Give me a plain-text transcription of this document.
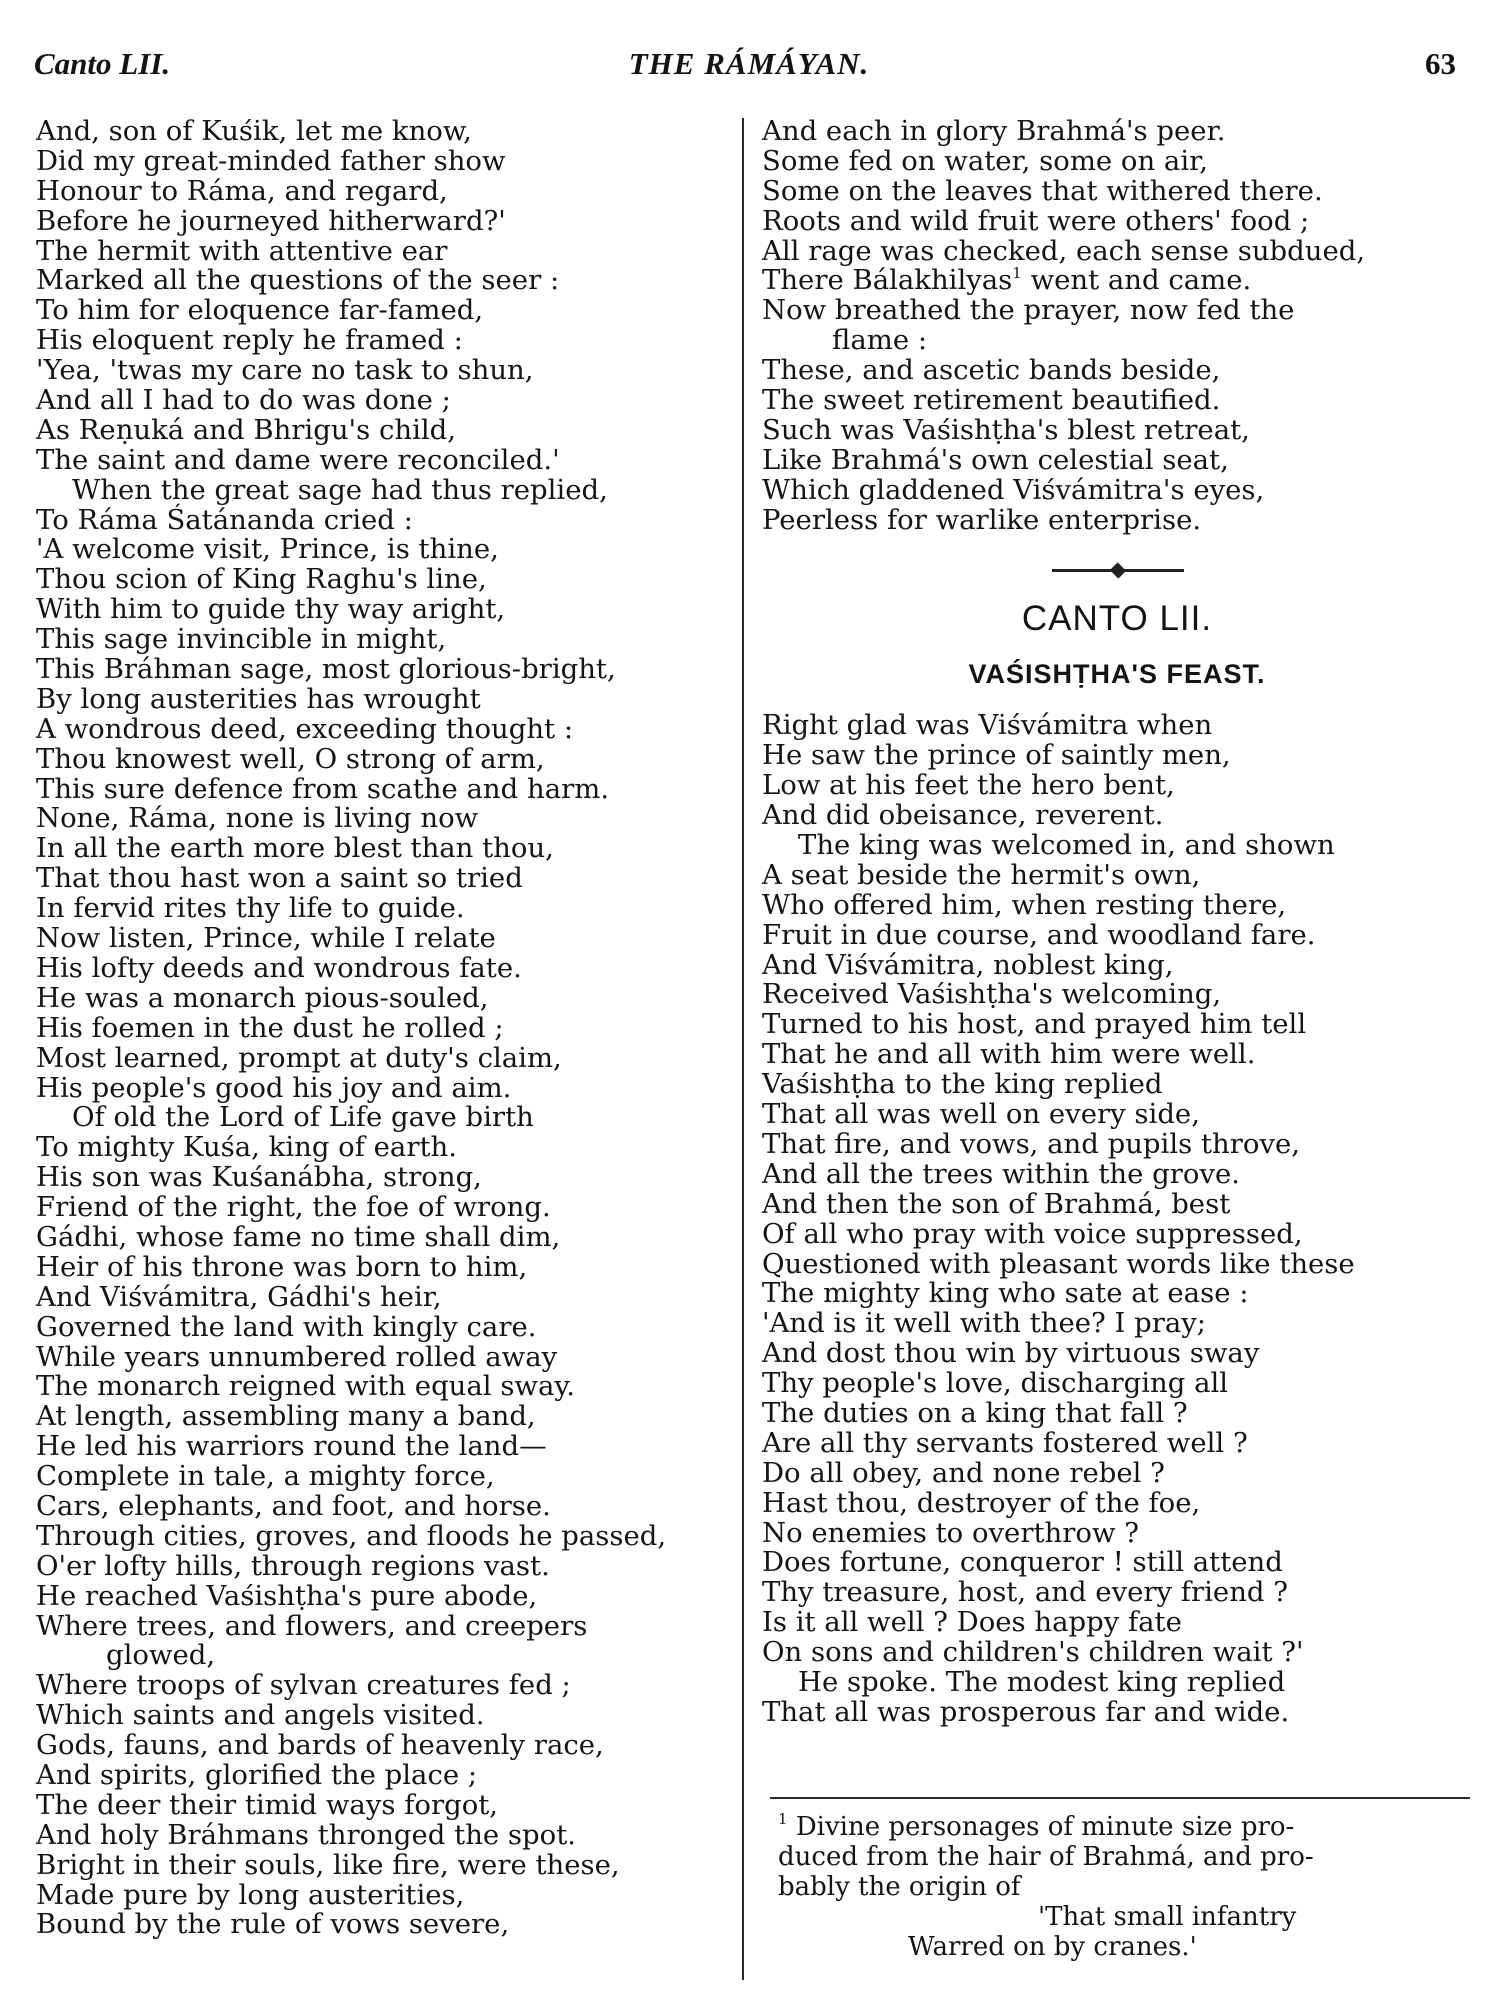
Canto LII.	THE RÁMÁYAN.	63
And, son of Kuśik, let me know,
Did my great-minded father show
Honour to Ráma, and regard,
Before he journeyed hitherward?'
The hermit with attentive ear
Marked all the questions of the seer :
To him for eloquence far-famed,
His eloquent reply he framed :
'Yea, 'twas my care no task to shun,
And all I had to do was done ;
As Reṇuká and Bhrigu's child,
The saint and dame were reconciled.'
When the great sage had thus replied,
To Ráma Śatánanda cried :
'A welcome visit, Prince, is thine,
Thou scion of King Raghu's line,
With him to guide thy way aright,
This sage invincible in might,
This Bráhman sage, most glorious-bright,
By long austerities has wrought
A wondrous deed, exceeding thought :
Thou knowest well, O strong of arm,
This sure defence from scathe and harm.
None, Ráma, none is living now
In all the earth more blest than thou,
That thou hast won a saint so tried
In fervid rites thy life to guide.
Now listen, Prince, while I relate
His lofty deeds and wondrous fate.
He was a monarch pious-souled,
His foemen in the dust he rolled ;
Most learned, prompt at duty's claim,
His people's good his joy and aim.
Of old the Lord of Life gave birth
To mighty Kuśa, king of earth.
His son was Kuśanábha, strong,
Friend of the right, the foe of wrong.
Gádhi, whose fame no time shall dim,
Heir of his throne was born to him,
And Viśvámitra, Gádhi's heir,
Governed the land with kingly care.
While years unnumbered rolled away
The monarch reigned with equal sway.
At length, assembling many a band,
He led his warriors round the land—
Complete in tale, a mighty force,
Cars, elephants, and foot, and horse.
Through cities, groves, and floods he passed,
O'er lofty hills, through regions vast.
He reached Vaśishṭha's pure abode,
Where trees, and flowers, and creepers
glowed,
Where troops of sylvan creatures fed ;
Which saints and angels visited.
Gods, fauns, and bards of heavenly race,
And spirits, glorified the place ;
The deer their timid ways forgot,
And holy Bráhmans thronged the spot.
Bright in their souls, like fire, were these,
Made pure by long austerities,
Bound by the rule of vows severe,
And each in glory Brahmá's peer.
Some fed on water, some on air,
Some on the leaves that withered there.
Roots and wild fruit were others' food ;
All rage was checked, each sense subdued,
There Bálakhilyas$^1$ went and came.
Now breathed the prayer, now fed the
flame :
These, and ascetic bands beside,
The sweet retirement beautified.
Such was Vaśishṭha's blest retreat,
Like Brahmá's own celestial seat,
Which gladdened Viśvámitra's eyes,
Peerless for warlike enterprise.
CANTO LII.
VAŚISHṬHA'S FEAST.
Right glad was Viśvámitra when
He saw the prince of saintly men,
Low at his feet the hero bent,
And did obeisance, reverent.
The king was welcomed in, and shown
A seat beside the hermit's own,
Who offered him, when resting there,
Fruit in due course, and woodland fare.
And Viśvámitra, noblest king,
Received Vaśishṭha's welcoming,
Turned to his host, and prayed him tell
That he and all with him were well.
Vaśishṭha to the king replied
That all was well on every side,
That fire, and vows, and pupils throve,
And all the trees within the grove.
And then the son of Brahmá, best
Of all who pray with voice suppressed,
Questioned with pleasant words like these
The mighty king who sate at ease :
'And is it well with thee? I pray;
And dost thou win by virtuous sway
Thy people's love, discharging all
The duties on a king that fall ?
Are all thy servants fostered well ?
Do all obey, and none rebel ?
Hast thou, destroyer of the foe,
No enemies to overthrow ?
Does fortune, conqueror ! still attend
Thy treasure, host, and every friend ?
Is it all well ? Does happy fate
On sons and children's children wait ?'
He spoke. The modest king replied
That all was prosperous far and wide.
$^1$ Divine personages of minute size pro-
duced from the hair of Brahmá, and pro-
bably the origin of
'That small infantry
Warred on by cranes.'
